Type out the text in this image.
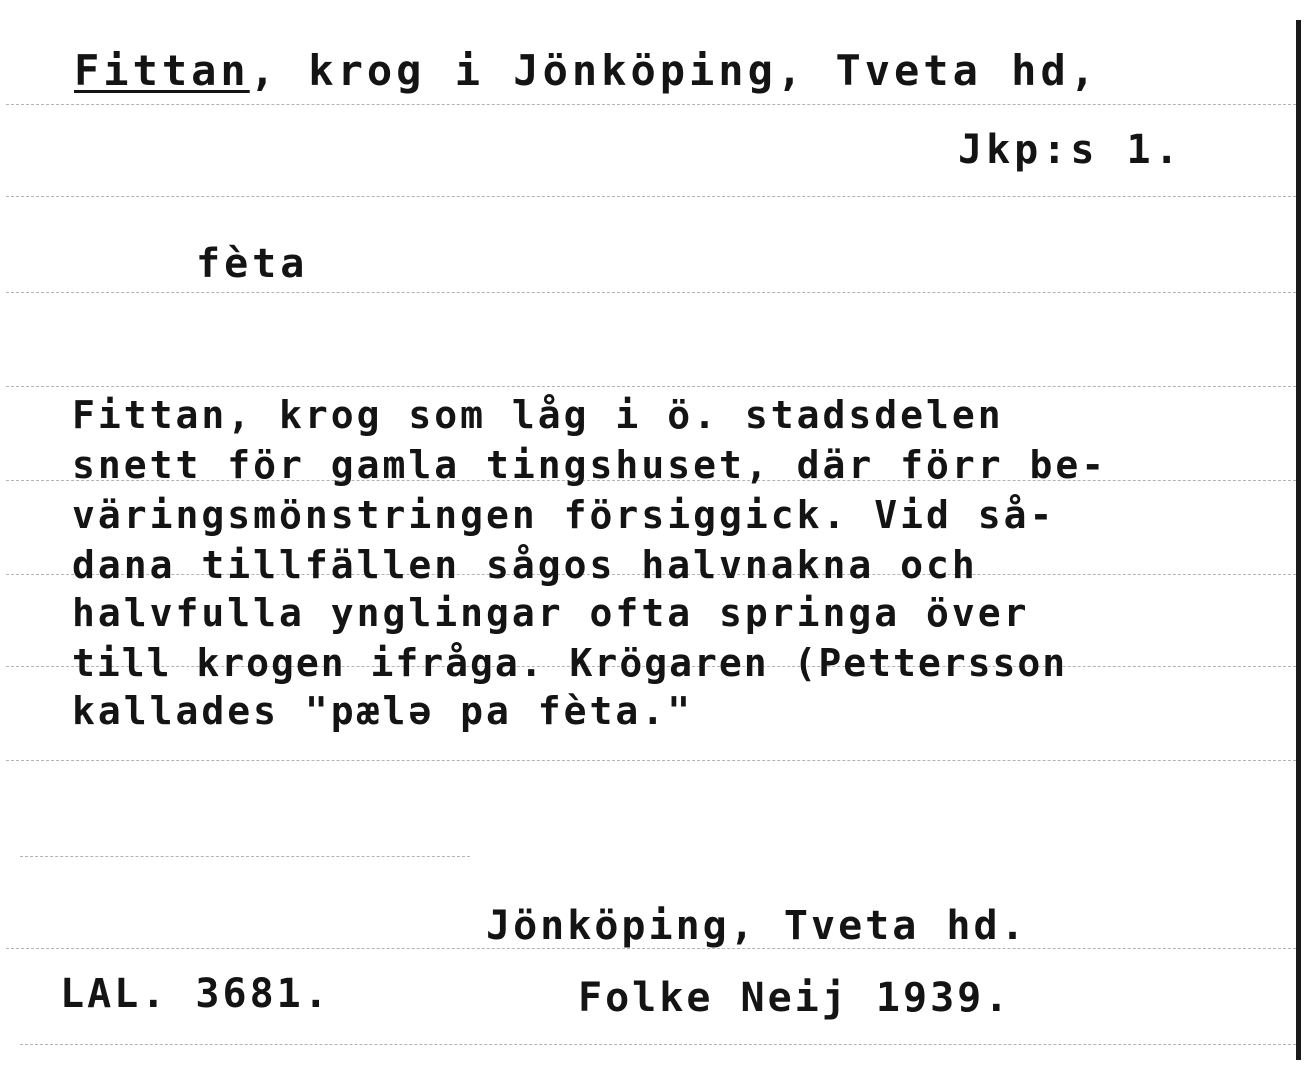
Fittan, krog i Jönköping, Tveta hd,
Jkp:s 1.
fèta
Fittan, krog som låg i ö. stadsdelen
snett för gamla tingshuset, där förr be-
väringsmönstringen försiggick. Vid så-
dana tillfällen sågos halvnakna och
halvfulla ynglingar ofta springa över
till krogen ifråga. Krögaren (Pettersson
kallades "pælə pa fèta."
Jönköping, Tveta hd.
LAL. 3681.	Folke Neij 1939.
